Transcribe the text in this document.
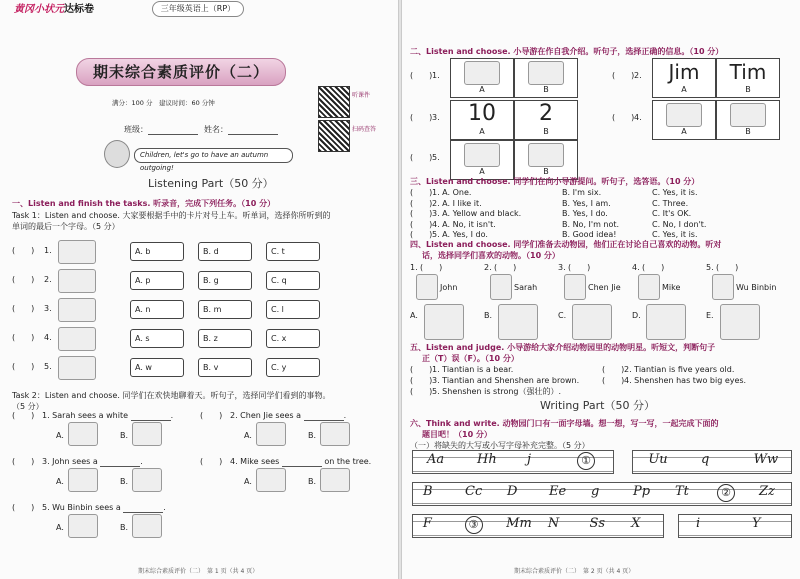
黄冈小状元 达标卷	三年级英语上（RP）
期末综合素质评价（二）
满分：100 分　建议时间：60 分钟
听课件
扫码查答
班级：	姓名：
Children, let's go to have an autumn outgoing!
Listening Part（50 分）
一、Listen and finish the tasks. 听录音，完成下列任务。（10 分）
Task 1：Listen and choose. 大家要根据手中的卡片对号上车。听单词，选择你所听到的
单词的最后一个字母。（5 分）
(　　) 1.	A. b	B. d	C. t
(　　) 2.	A. p	B. g	C. q
(　　) 3.	A. n	B. m	C. l
(　　) 4.	A. s	B. z	C. x
(　　) 5.	A. w	B. v	C. y
Task 2：Listen and choose. 同学们在欢快地聊着天。听句子，选择同学们看到的事物。
（5 分）
(　　) 1. Sarah sees a white	.
A.	B.
(　　) 2. Chen Jie sees a	.
A.	B.
(　　) 3. John sees a	.
A.	B.
(　　) 4. Mike sees	on the tree.
A.	B.
(　　) 5. Wu Binbin sees a	.
A.	B.
期末综合素质评价（二）　第 1 页（共 4 页）
二、Listen and choose. 小导游在作自我介绍。听句子，选择正确的信息。（10 分）
(　　) 1.
A	B
(　　) 2.	Jim
A
Tim
B
(　　) 3.	10
A
2
B
(　　) 4.
A	B
(　　) 5.
A	B
三、Listen and choose. 同学们在向小导游提问。听句子，选答语。（10 分）
(　　) 1. A. One.	B. I'm six.	C. Yes, it is.
(　　) 2. A. I like it.	B. Yes, I am.	C. Three.
(　　) 3. A. Yellow and black.	B. Yes, I do.	C. It's OK.
(　　) 4. A. No, it isn't.	B. No, I'm not.	C. No, I don't.
(　　) 5. A. Yes, I do.	B. Good idea!	C. Yes, it is.
四、Listen and choose. 同学们准备去动物园，他们正在讨论自己喜欢的动物。听对
话，选择同学们喜欢的动物。（10 分）
1. (　　)
John
2. (　　)
Sarah
3. (　　)
Chen Jie
4. (　　)
Mike
5. (　　)
Wu Binbin
A.	B.	C.	D.	E.
五、Listen and judge. 小导游给大家介绍动物园里的动物明星。听短文，判断句子
正（T）误（F）。（10 分）
(　　) 1. Tiantian is a bear.	(　　) 2. Tiantian is five years old.
(　　) 3. Tiantian and Shenshen are brown.	(　　) 4. Shenshen has two big eyes.
(　　) 5. Shenshen is strong（强壮的）.
Writing Part（50 分）
六、Think and write. 动物园门口有一面字母墙。想一想，写一写，一起完成下面的
题目吧！（10 分）
（一）将缺失的大写或小写字母补充完整。（5 分）
Aa	Hh j	①	Uu	q	Ww
B Cc D Ee g	Pp Tt	②	Zz
F	③	Mm N Ss X	i	Y
期末综合素质评价（二）　第 2 页（共 4 页）
